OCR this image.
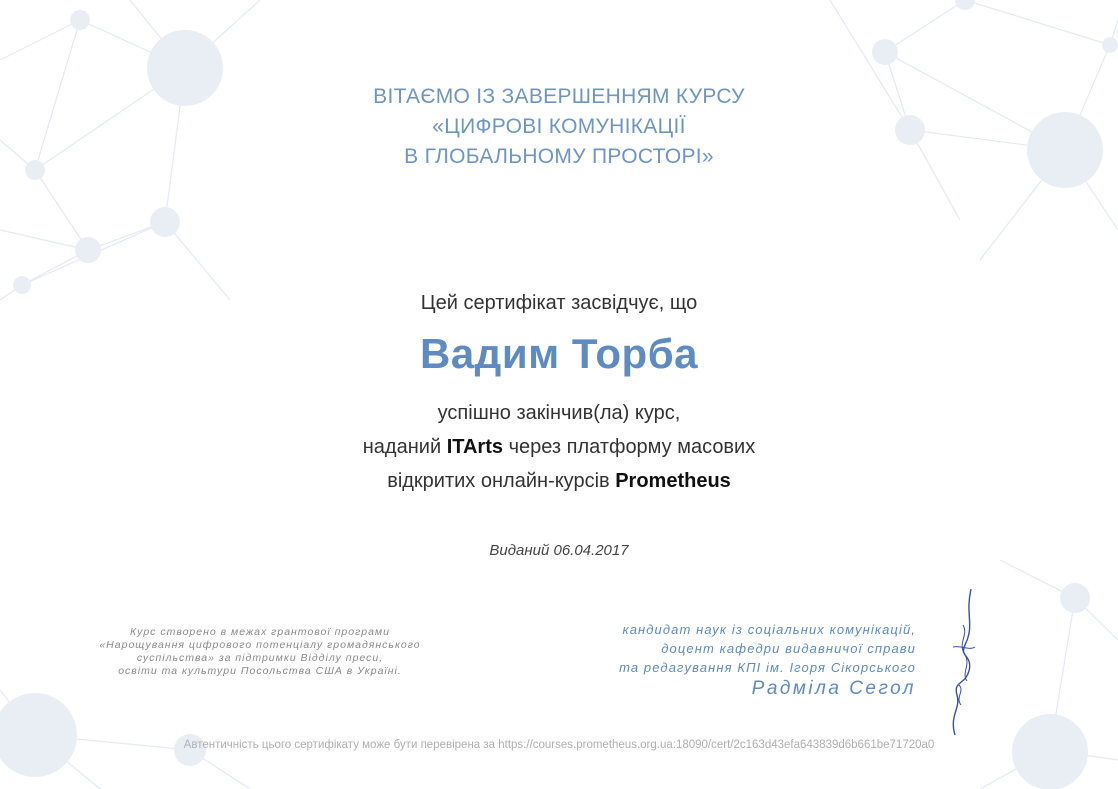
ВІТАЄМО ІЗ ЗАВЕРШЕННЯМ КУРСУ
«ЦИФРОВІ КОМУНІКАЦІЇ
В ГЛОБАЛЬНОМУ ПРОСТОРІ»
Цей сертифікат засвідчує, що
Вадим Торба
успішно закінчив(ла) курс,
наданий ITArts через платформу масових
відкритих онлайн-курсів Prometheus
Виданий 06.04.2017
Курс створено в межах грантової програми
«Нарощування цифрового потенціалу громадянського
суспільства» за підтримки Відділу преси,
освіти та культури Посольства США в Україні.
кандидат наук із соціальних комунікацій,
доцент кафедри видавничої справи
та редагування КПІ ім. Ігоря Сікорського
Радміла Сегол
Автентичність цього сертифікату може бути перевірена за https://courses.prometheus.org.ua:18090/cert/2c163d43efa643839d6b661be71720a0
